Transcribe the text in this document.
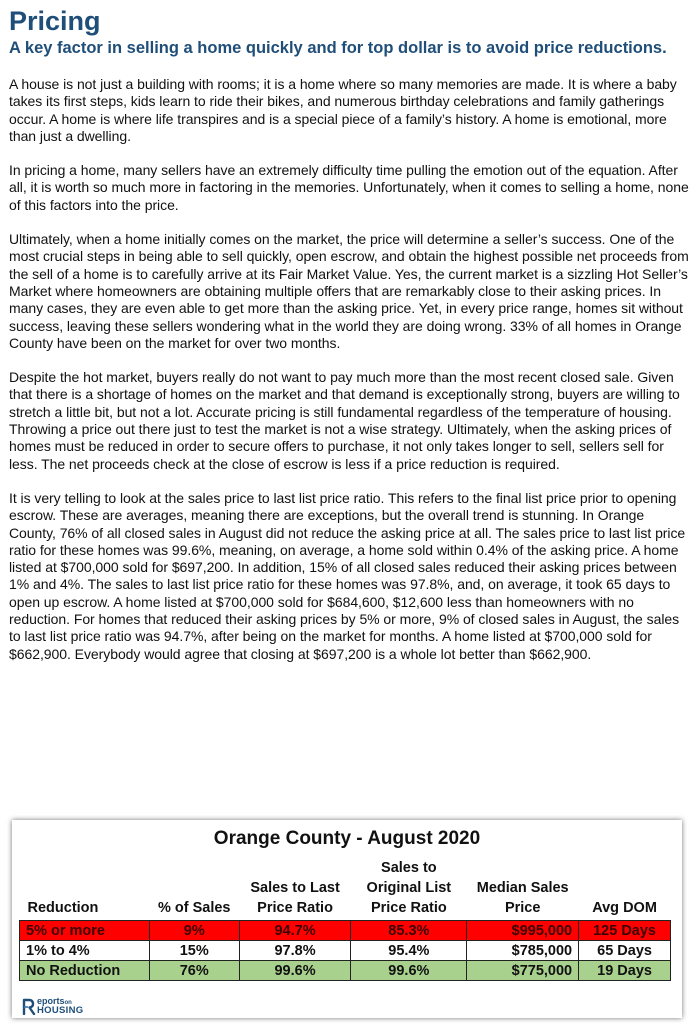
Pricing
A key factor in selling a home quickly and for top dollar is to avoid price reductions.

A house is not just a building with rooms; it is a home where so many memories are made. It is where a baby takes its first steps, kids learn to ride their bikes, and numerous birthday celebrations and family gatherings occur. A home is where life transpires and is a special piece of a family’s history. A home is emotional, more than just a dwelling.

In pricing a home, many sellers have an extremely difficulty time pulling the emotion out of the equation. After all, it is worth so much more in factoring in the memories. Unfortunately, when it comes to selling a home, none of this factors into the price.

Ultimately, when a home initially comes on the market, the price will determine a seller’s success. One of the most crucial steps in being able to sell quickly, open escrow, and obtain the highest possible net proceeds from the sell of a home is to carefully arrive at its Fair Market Value. Yes, the current market is a sizzling Hot Seller’s Market where homeowners are obtaining multiple offers that are remarkably close to their asking prices. In many cases, they are even able to get more than the asking price. Yet, in every price range, homes sit without success, leaving these sellers wondering what in the world they are doing wrong. 33% of all homes in Orange County have been on the market for over two months.

Despite the hot market, buyers really do not want to pay much more than the most recent closed sale. Given that there is a shortage of homes on the market and that demand is exceptionally strong, buyers are willing to stretch a little bit, but not a lot. Accurate pricing is still fundamental regardless of the temperature of housing. Throwing a price out there just to test the market is not a wise strategy. Ultimately, when the asking prices of homes must be reduced in order to secure offers to purchase, it not only takes longer to sell, sellers sell for less. The net proceeds check at the close of escrow is less if a price reduction is required.

It is very telling to look at the sales price to last list price ratio. This refers to the final list price prior to opening escrow. These are averages, meaning there are exceptions, but the overall trend is stunning. In Orange County, 76% of all closed sales in August did not reduce the asking price at all. The sales price to last list price ratio for these homes was 99.6%, meaning, on average, a home sold within 0.4% of the asking price. A home listed at $700,000 sold for $697,200. In addition, 15% of all closed sales reduced their asking prices between 1% and 4%. The sales to last list price ratio for these homes was 97.8%, and, on average, it took 65 days to open up escrow. A home listed at $700,000 sold for $684,600, $12,600 less than homeowners with no reduction. For homes that reduced their asking prices by 5% or more, 9% of closed sales in August, the sales to last list price ratio was 94.7%, after being on the market for months. A home listed at $700,000 sold for $662,900. Everybody would agree that closing at $697,200 is a whole lot better than $662,900.

Orange County - August 2020
Reduction	% of Sales	Sales to Last Price Ratio	Sales to Original List Price Ratio	Median Sales Price	Avg DOM
5% or more	9%	94.7%	85.3%	$995,000	125 Days
1% to 4%	15%	97.8%	95.4%	$785,000	65 Days
No Reduction	76%	99.6%	99.6%	$775,000	19 Days
eportson
HOUSING
